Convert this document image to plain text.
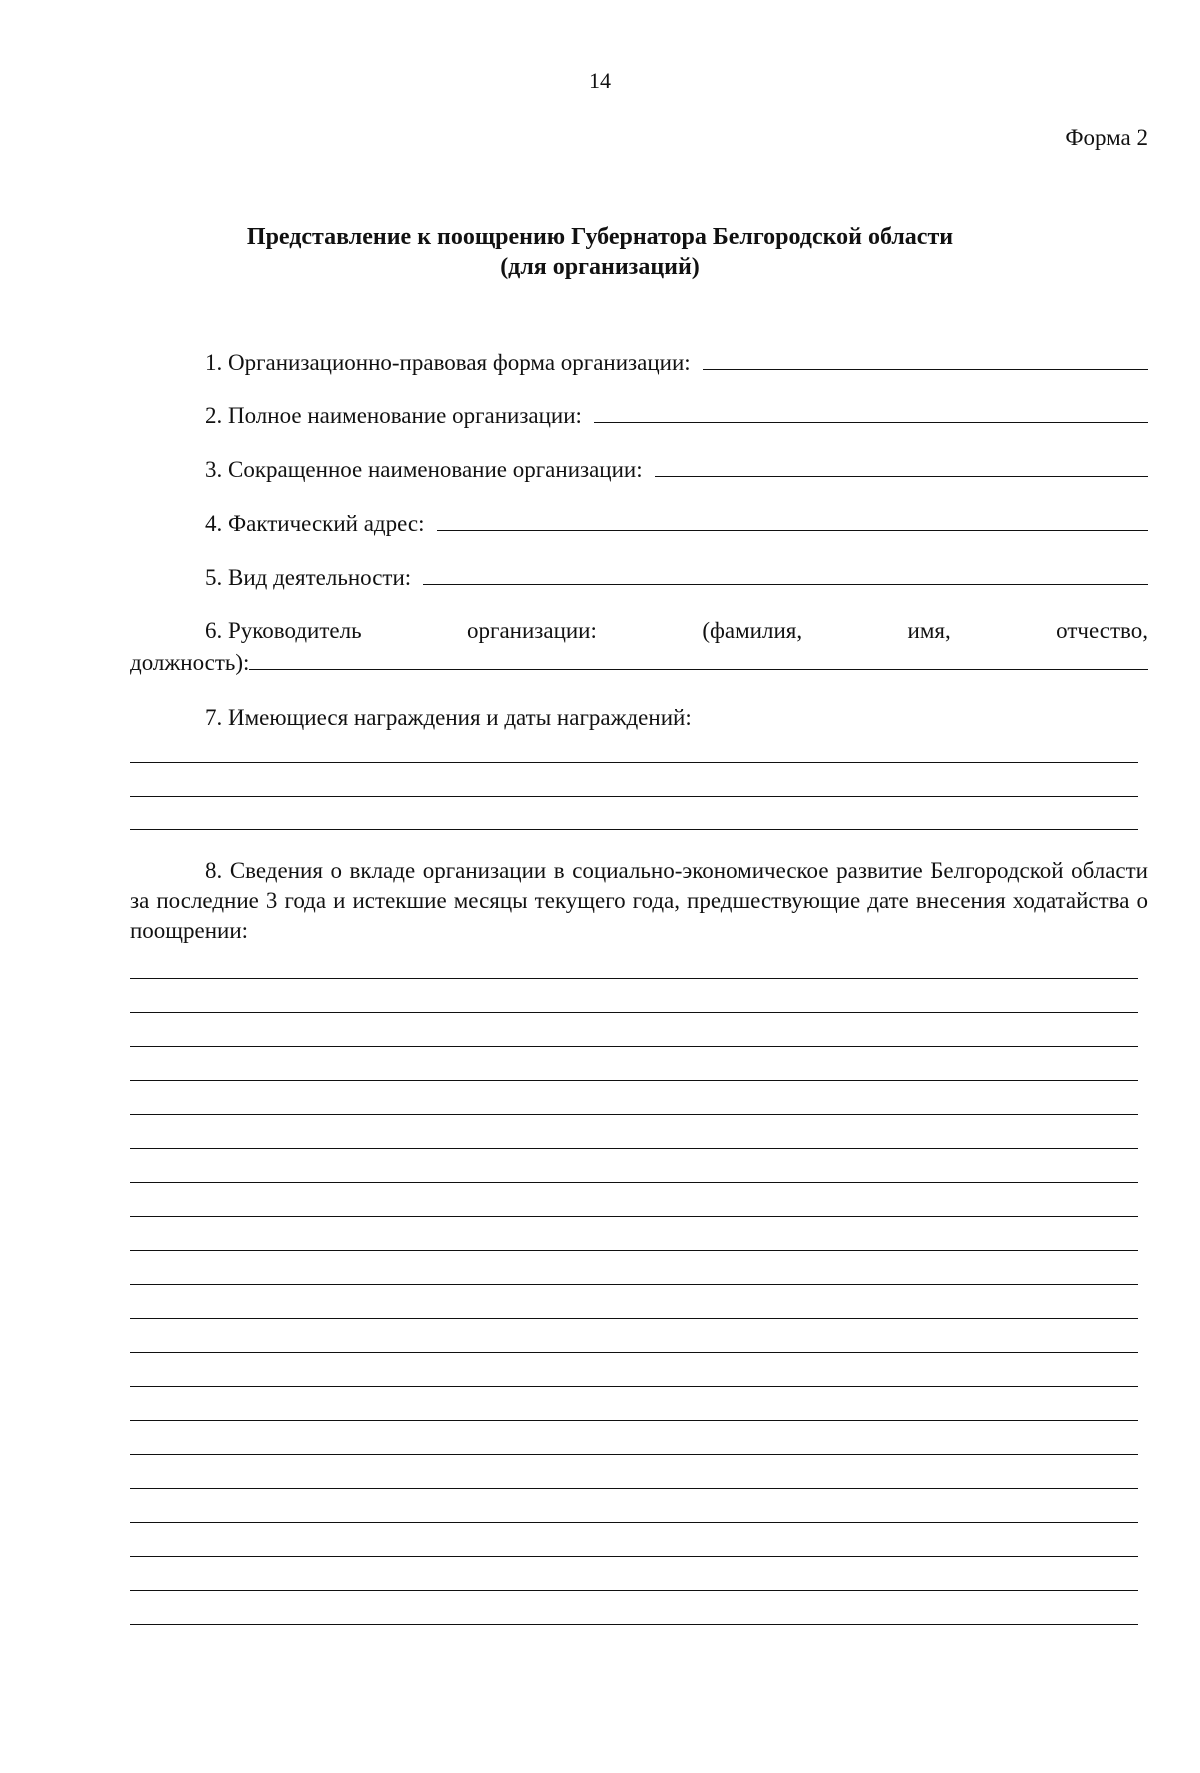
14
Форма 2
Представление к поощрению Губернатора Белгородской области
(для организаций)
1. Организационно-правовая форма организации:
2. Полное наименование организации:
3. Сокращенное наименование организации:
4. Фактический адрес:
5. Вид деятельности:
6. Руководитель	организации:	(фамилия,	имя,	отчество,
должность):
7. Имеющиеся награждения и даты награждений:
8. Сведения о вкладе организации в социально-экономическое развитие Белгородской области за последние 3 года и истекшие месяцы текущего года, предшествующие дате внесения ходатайства о поощрении:
